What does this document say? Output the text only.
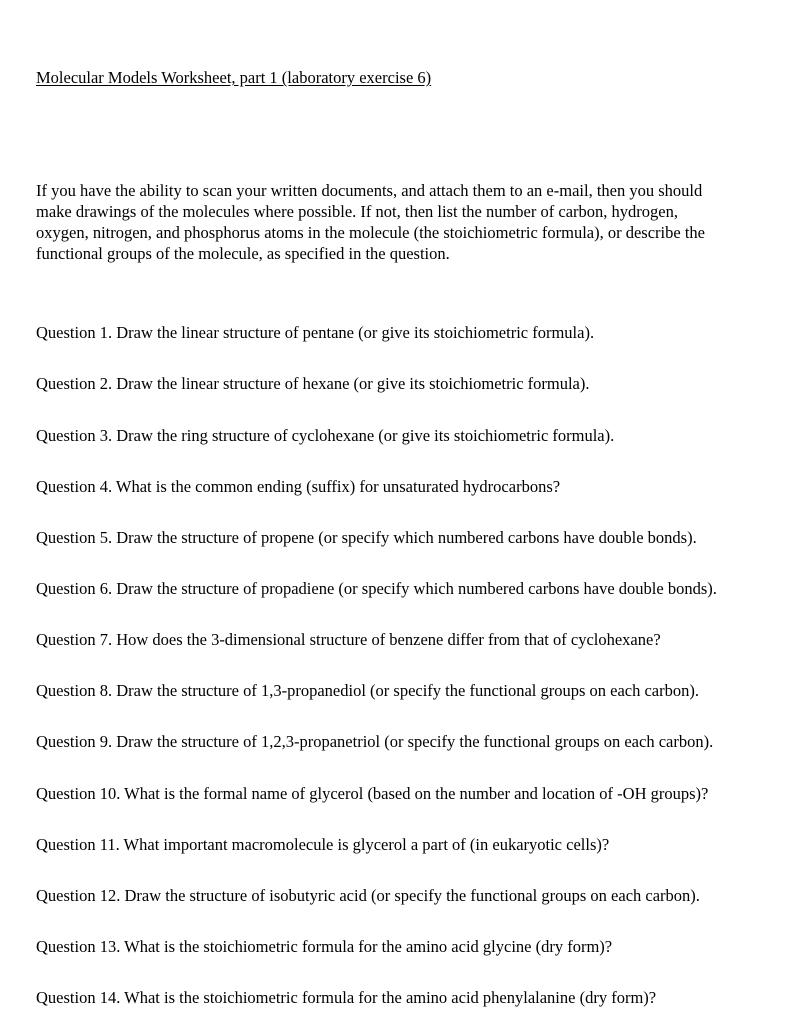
Molecular Models Worksheet, part 1 (laboratory exercise 6)
If you have the ability to scan your written documents, and attach them to an e-mail, then you should
make drawings of the molecules where possible. If not, then list the number of carbon, hydrogen,
oxygen, nitrogen, and phosphorus atoms in the molecule (the stoichiometric formula), or describe the
functional groups of the molecule, as specified in the question.
Question 1. Draw the linear structure of pentane (or give its stoichiometric formula).
Question 2. Draw the linear structure of hexane (or give its stoichiometric formula).
Question 3. Draw the ring structure of cyclohexane (or give its stoichiometric formula).
Question 4. What is the common ending (suffix) for unsaturated hydrocarbons?
Question 5. Draw the structure of propene (or specify which numbered carbons have double bonds).
Question 6. Draw the structure of propadiene (or specify which numbered carbons have double bonds).
Question 7. How does the 3-dimensional structure of benzene differ from that of cyclohexane?
Question 8. Draw the structure of 1,3-propanediol (or specify the functional groups on each carbon).
Question 9. Draw the structure of 1,2,3-propanetriol (or specify the functional groups on each carbon).
Question 10. What is the formal name of glycerol (based on the number and location of -OH groups)?
Question 11. What important macromolecule is glycerol a part of (in eukaryotic cells)?
Question 12. Draw the structure of isobutyric acid (or specify the functional groups on each carbon).
Question 13. What is the stoichiometric formula for the amino acid glycine (dry form)?
Question 14. What is the stoichiometric formula for the amino acid phenylalanine (dry form)?
